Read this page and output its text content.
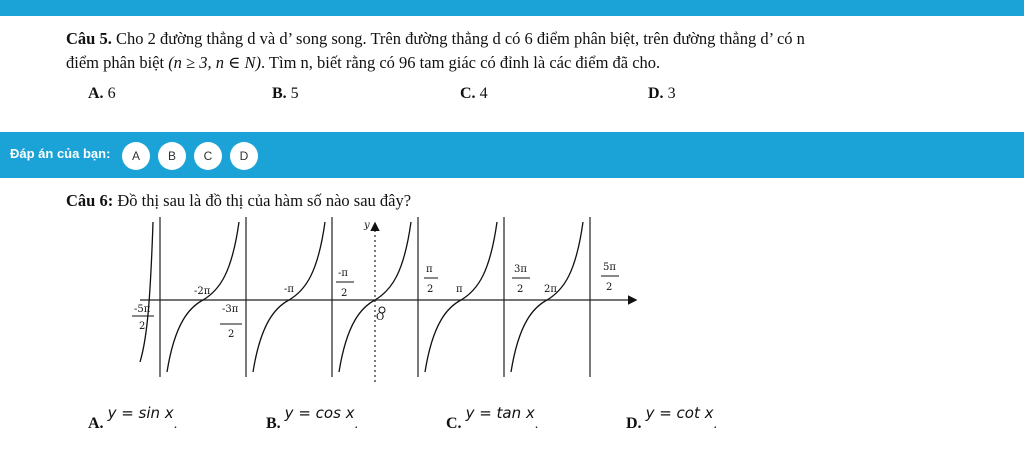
Câu 5. Cho 2 đường thẳng d và d’ song song. Trên đường thẳng d có 6 điểm phân biệt, trên đường thẳng d’ có n
điểm phân biệt (n ≥ 3, n ∈ N). Tìm n, biết rằng có 96 tam giác có đỉnh là các điểm đã cho.
A. 6	B. 5	C. 4	D. 3
Đáp án của bạn:	A	B	C	D
Câu 6: Đồ thị sau là đồ thị của hàm số nào sau đây?
-5π
2
-2π
-3π
2
-π
-π
2
y
O
π
2 π
3π
2 2π
5π
2
A. y = sin x.	B. y = cos x.	C. y = tan x.	D. y = cot x.
